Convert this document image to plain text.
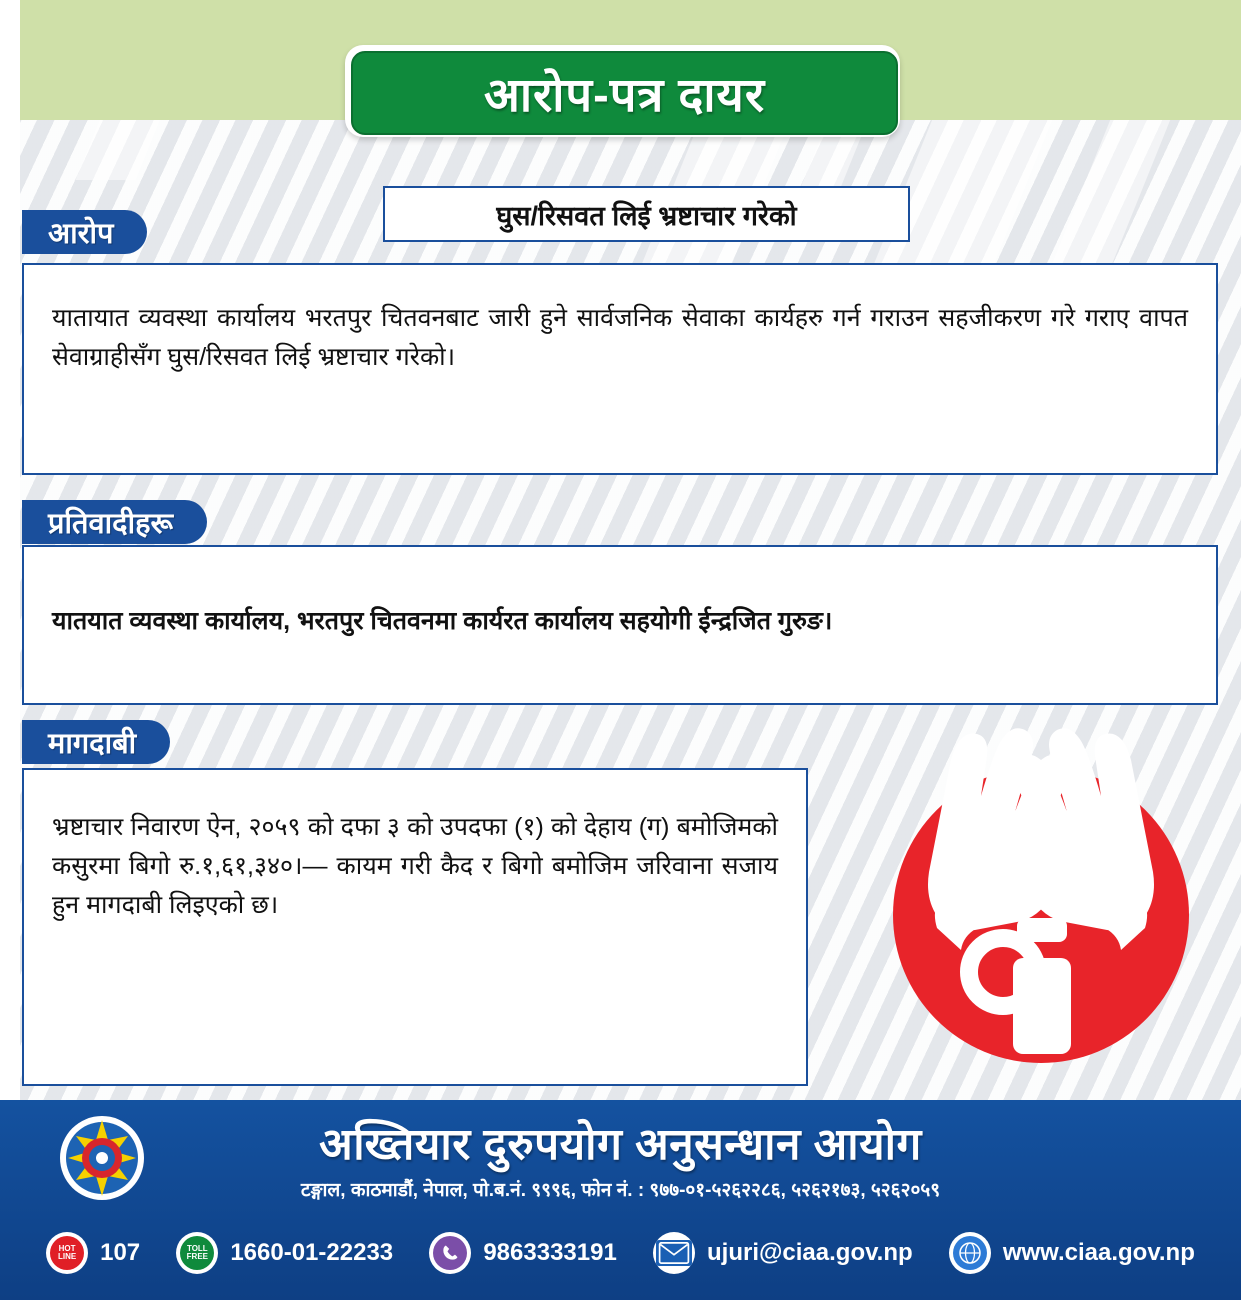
आरोप-पत्र दायर
घुस/रिसवत लिई भ्रष्टाचार गरेको
आरोप
यातायात व्यवस्था कार्यालय भरतपुर चितवनबाट जारी हुने सार्वजनिक सेवाका कार्यहरु गर्न गराउन सहजीकरण गरे गराए वापत सेवाग्राहीसँग घुस/रिसवत लिई भ्रष्टाचार गरेको।
प्रतिवादीहरू
यातयात व्यवस्था कार्यालय, भरतपुर चितवनमा कार्यरत कार्यालय सहयोगी ईन्द्रजित गुरुङ।
मागदाबी
भ्रष्टाचार निवारण ऐन, २०५९ को दफा ३ को उपदफा (१) को देहाय (ग) बमोजिमको कसुरमा बिगो रु.१,६१,३४०।— कायम गरी कैद र बिगो बमोजिम जरिवाना सजाय हुन मागदाबी लिइएको छ।
अख्तियार दुरुपयोग अनुसन्धान आयोग
टङ्गाल, काठमाडौं, नेपाल, पो.ब.नं. ९९९६, फोन नं. : ९७७-०१-५२६२२८६, ५२६२१७३, ५२६२०५९
HOT
LINE 107	TOLL
FREE 1660-01-22233	9863333191	ujuri@ciaa.gov.np	www.ciaa.gov.np
